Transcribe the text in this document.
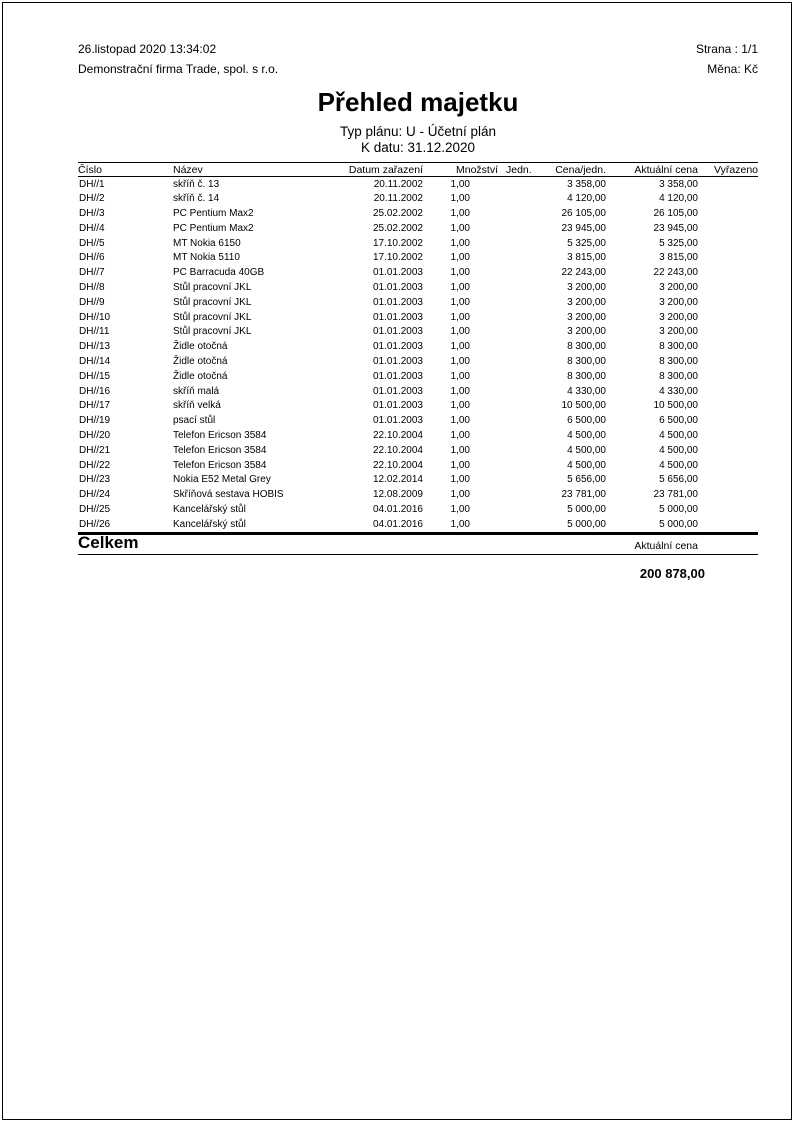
26.listopad 2020 13:34:02	Strana : 1/1
Demonstrační firma Trade, spol. s r.o.	Měna: Kč
Přehled majetku
Typ plánu: U - Účetní plán
K datu: 31.12.2020
Číslo	Název	Datum zařazení	Množství	Jedn.	Cena/jedn.	Aktuální cena	Vyřazeno
DH//1	skříň č. 13	20.11.2002	1,00		3 358,00	3 358,00	
DH//2	skříň č. 14	20.11.2002	1,00		4 120,00	4 120,00	
DH//3	PC Pentium Max2	25.02.2002	1,00		26 105,00	26 105,00	
DH//4	PC Pentium Max2	25.02.2002	1,00		23 945,00	23 945,00	
DH//5	MT Nokia 6150	17.10.2002	1,00		5 325,00	5 325,00	
DH//6	MT Nokia 5110	17.10.2002	1,00		3 815,00	3 815,00	
DH//7	PC Barracuda 40GB	01.01.2003	1,00		22 243,00	22 243,00	
DH//8	Stůl pracovní JKL	01.01.2003	1,00		3 200,00	3 200,00	
DH//9	Stůl pracovní JKL	01.01.2003	1,00		3 200,00	3 200,00	
DH//10	Stůl pracovní JKL	01.01.2003	1,00		3 200,00	3 200,00	
DH//11	Stůl pracovní JKL	01.01.2003	1,00		3 200,00	3 200,00	
DH//13	Židle otočná	01.01.2003	1,00		8 300,00	8 300,00	
DH//14	Židle otočná	01.01.2003	1,00		8 300,00	8 300,00	
DH//15	Židle otočná	01.01.2003	1,00		8 300,00	8 300,00	
DH//16	skříň malá	01.01.2003	1,00		4 330,00	4 330,00	
DH//17	skříň velká	01.01.2003	1,00		10 500,00	10 500,00	
DH//19	psací stůl	01.01.2003	1,00		6 500,00	6 500,00	
DH//20	Telefon Ericson 3584	22.10.2004	1,00		4 500,00	4 500,00	
DH//21	Telefon Ericson 3584	22.10.2004	1,00		4 500,00	4 500,00	
DH//22	Telefon Ericson 3584	22.10.2004	1,00		4 500,00	4 500,00	
DH//23	Nokia E52 Metal Grey	12.02.2014	1,00		5 656,00	5 656,00	
DH//24	Skříňová sestava HOBIS	12.08.2009	1,00		23 781,00	23 781,00	
DH//25	Kancelářský stůl	04.01.2016	1,00		5 000,00	5 000,00	
DH//26	Kancelářský stůl	04.01.2016	1,00		5 000,00	5 000,00	
Celkem	Aktuální cena
200 878,00
